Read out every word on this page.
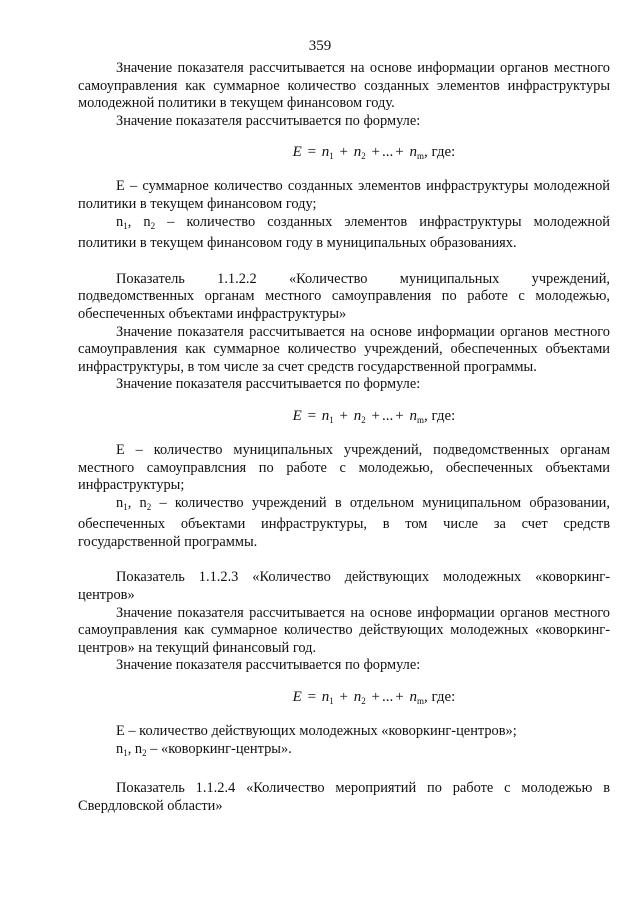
359

Значение показателя рассчитывается на основе информации органов местного самоуправления как суммарное количество созданных элементов инфраструктуры молодежной политики в текущем финансовом году.

Значение показателя рассчитывается по формуле:

$E = n_1 + n_2$ + ... + $n_m$, где:

E – суммарное количество созданных элементов инфраструктуры молодежной политики в текущем финансовом году;

$n_1$, $n_2$ – количество созданных элементов инфраструктуры молодежной политики в текущем финансовом году в муниципальных образованиях.

Показатель 1.1.2.2 «Количество муниципальных учреждений, подведомственных органам местного самоуправления по работе с молодежью, обеспеченных объектами инфраструктуры»

Значение показателя рассчитывается на основе информации органов местного самоуправления как суммарное количество учреждений, обеспеченных объектами инфраструктуры, в том числе за счет средств государственной программы.

Значение показателя рассчитывается по формуле:

$E = n_1 + n_2$ + ... + $n_m$, где:

E – количество муниципальных учреждений, подведомственных органам местного самоуправлсния по работе с молодежью, обеспеченных объектами инфраструктуры;

$n_1$, $n_2$ – количество учреждений в отдельном муниципальном образовании, обеспеченных объектами инфраструктуры, в том числе за счет средств государственной программы.

Показатель 1.1.2.3 «Количество действующих молодежных «коворкинг-центров»

Значение показателя рассчитывается на основе информации органов местного самоуправления как суммарное количество действующих молодежных «коворкинг-центров» на текущий финансовый год.

Значение показателя рассчитывается по формуле:

$E = n_1 + n_2$ + ... + $n_m$, где:

E – количество действующих молодежных «коворкинг-центров»;

$n_1$, $n_2$ – «коворкинг-центры».

Показатель 1.1.2.4 «Количество мероприятий по работе с молодежью в Свердловской области»
